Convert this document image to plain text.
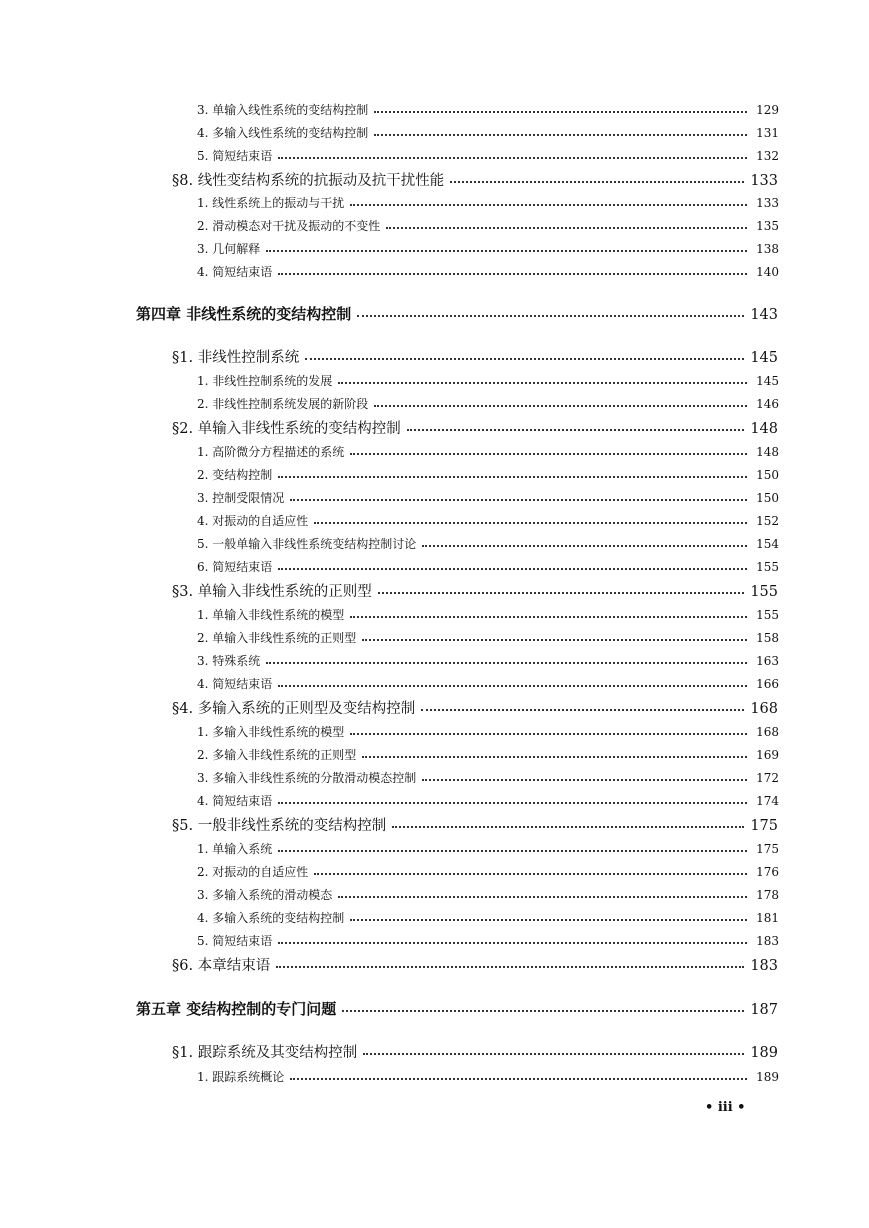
3. 单输入线性系统的变结构控制	129
4. 多输入线性系统的变结构控制	131
5. 简短结束语	132
§8. 线性变结构系统的抗振动及抗干扰性能	133
1. 线性系统上的振动与干扰	133
2. 滑动模态对干扰及振动的不变性	135
3. 几何解释	138
4. 简短结束语	140
第四章 非线性系统的变结构控制	143
§1. 非线性控制系统	145
1. 非线性控制系统的发展	145
2. 非线性控制系统发展的新阶段	146
§2. 单输入非线性系统的变结构控制	148
1. 高阶微分方程描述的系统	148
2. 变结构控制	150
3. 控制受限情况	150
4. 对振动的自适应性	152
5. 一般单输入非线性系统变结构控制讨论	154
6. 简短结束语	155
§3. 单输入非线性系统的正则型	155
1. 单输入非线性系统的模型	155
2. 单输入非线性系统的正则型	158
3. 特殊系统	163
4. 简短结束语	166
§4. 多输入系统的正则型及变结构控制	168
1. 多输入非线性系统的模型	168
2. 多输入非线性系统的正则型	169
3. 多输入非线性系统的分散滑动模态控制	172
4. 简短结束语	174
§5. 一般非线性系统的变结构控制	175
1. 单输入系统	175
2. 对振动的自适应性	176
3. 多输入系统的滑动模态	178
4. 多输入系统的变结构控制	181
5. 简短结束语	183
§6. 本章结束语	183
第五章 变结构控制的专门问题	187
§1. 跟踪系统及其变结构控制	189
1. 跟踪系统概论	189
• iii •
